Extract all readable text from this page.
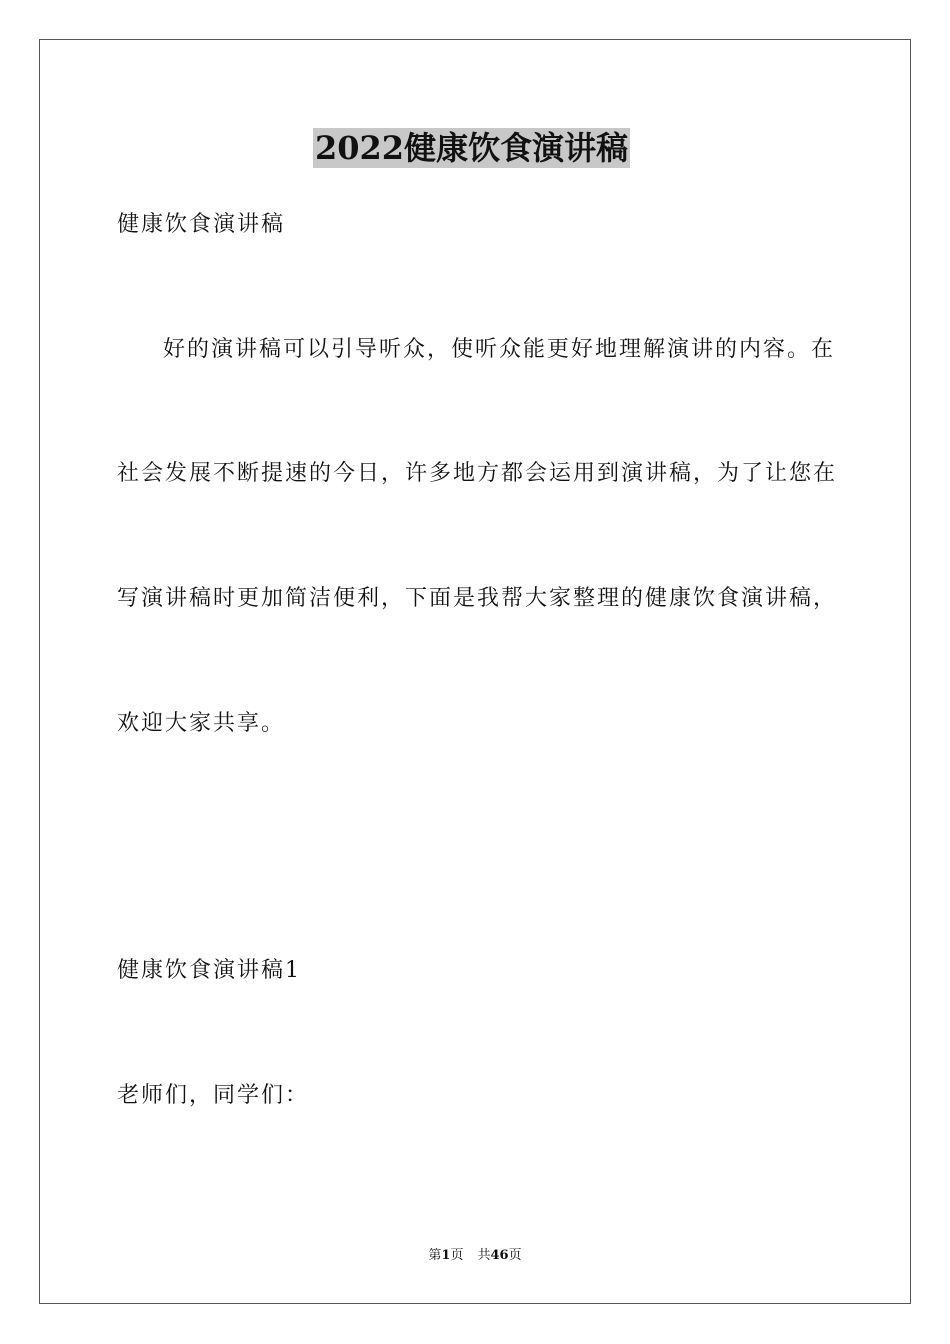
2022健康饮食演讲稿
健康饮食演讲稿
好的演讲稿可以引导听众，使听众能更好地理解演讲的内容。在
社会发展不断提速的今日，许多地方都会运用到演讲稿，为了让您在
写演讲稿时更加简洁便利，下面是我帮大家整理的健康饮食演讲稿，
欢迎大家共享。
健康饮食演讲稿1
老师们，同学们：
第1页 共46页
